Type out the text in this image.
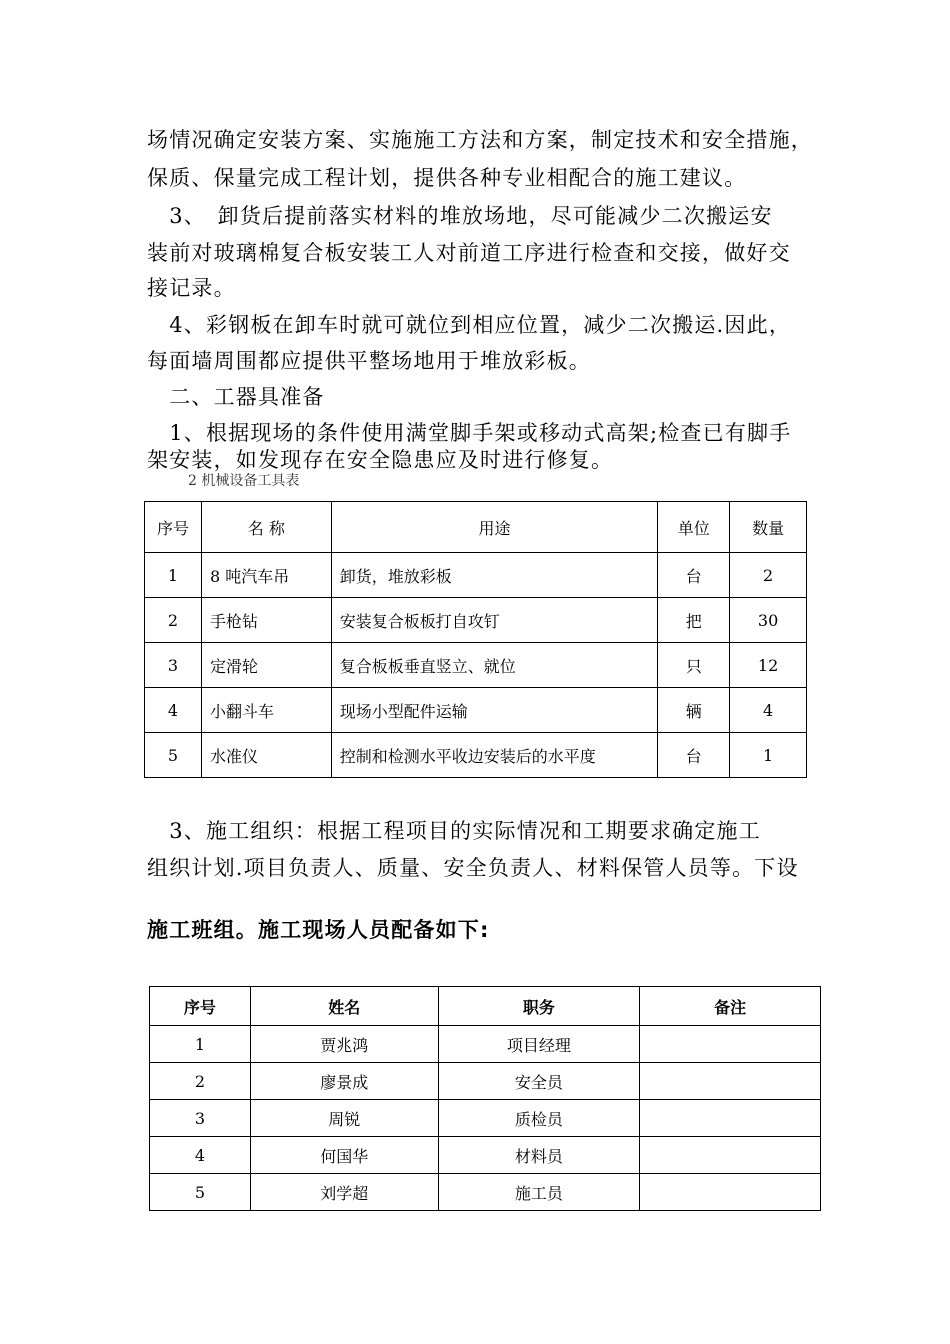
场情况确定安装方案、实施施工方法和方案，制定技术和安全措施，
保质、保量完成工程计划，提供各种专业相配合的施工建议。
　3、　卸货后提前落实材料的堆放场地，尽可能减少二次搬运安
装前对玻璃棉复合板安装工人对前道工序进行检查和交接，做好交
接记录。
　4、彩钢板在卸车时就可就位到相应位置，减少二次搬运.因此，
每面墙周围都应提供平整场地用于堆放彩板。
　二、工器具准备
　1、根据现场的条件使用满堂脚手架或移动式高架;检查已有脚手
架安装，如发现存在安全隐患应及时进行修复。
2 机械设备工具表
序号	名 称	用途	单位	数量
1	8 吨汽车吊	卸货，堆放彩板	台	2
2	手枪钻	安装复合板板打自攻钉	把	30
3	定滑轮	复合板板垂直竖立、就位	只	12
4	小翻斗车	现场小型配件运输	辆	4
5	水准仪	控制和检测水平收边安装后的水平度	台	1
　3、施工组织：根据工程项目的实际情况和工期要求确定施工
组织计划.项目负责人、质量、安全负责人、材料保管人员等。下设
施工班组。施工现场人员配备如下:
序号	姓名	职务	备注
1	贾兆鸿	项目经理	
2	廖景成	安全员	
3	周锐	质检员	
4	何国华	材料员	
5	刘学超	施工员	
